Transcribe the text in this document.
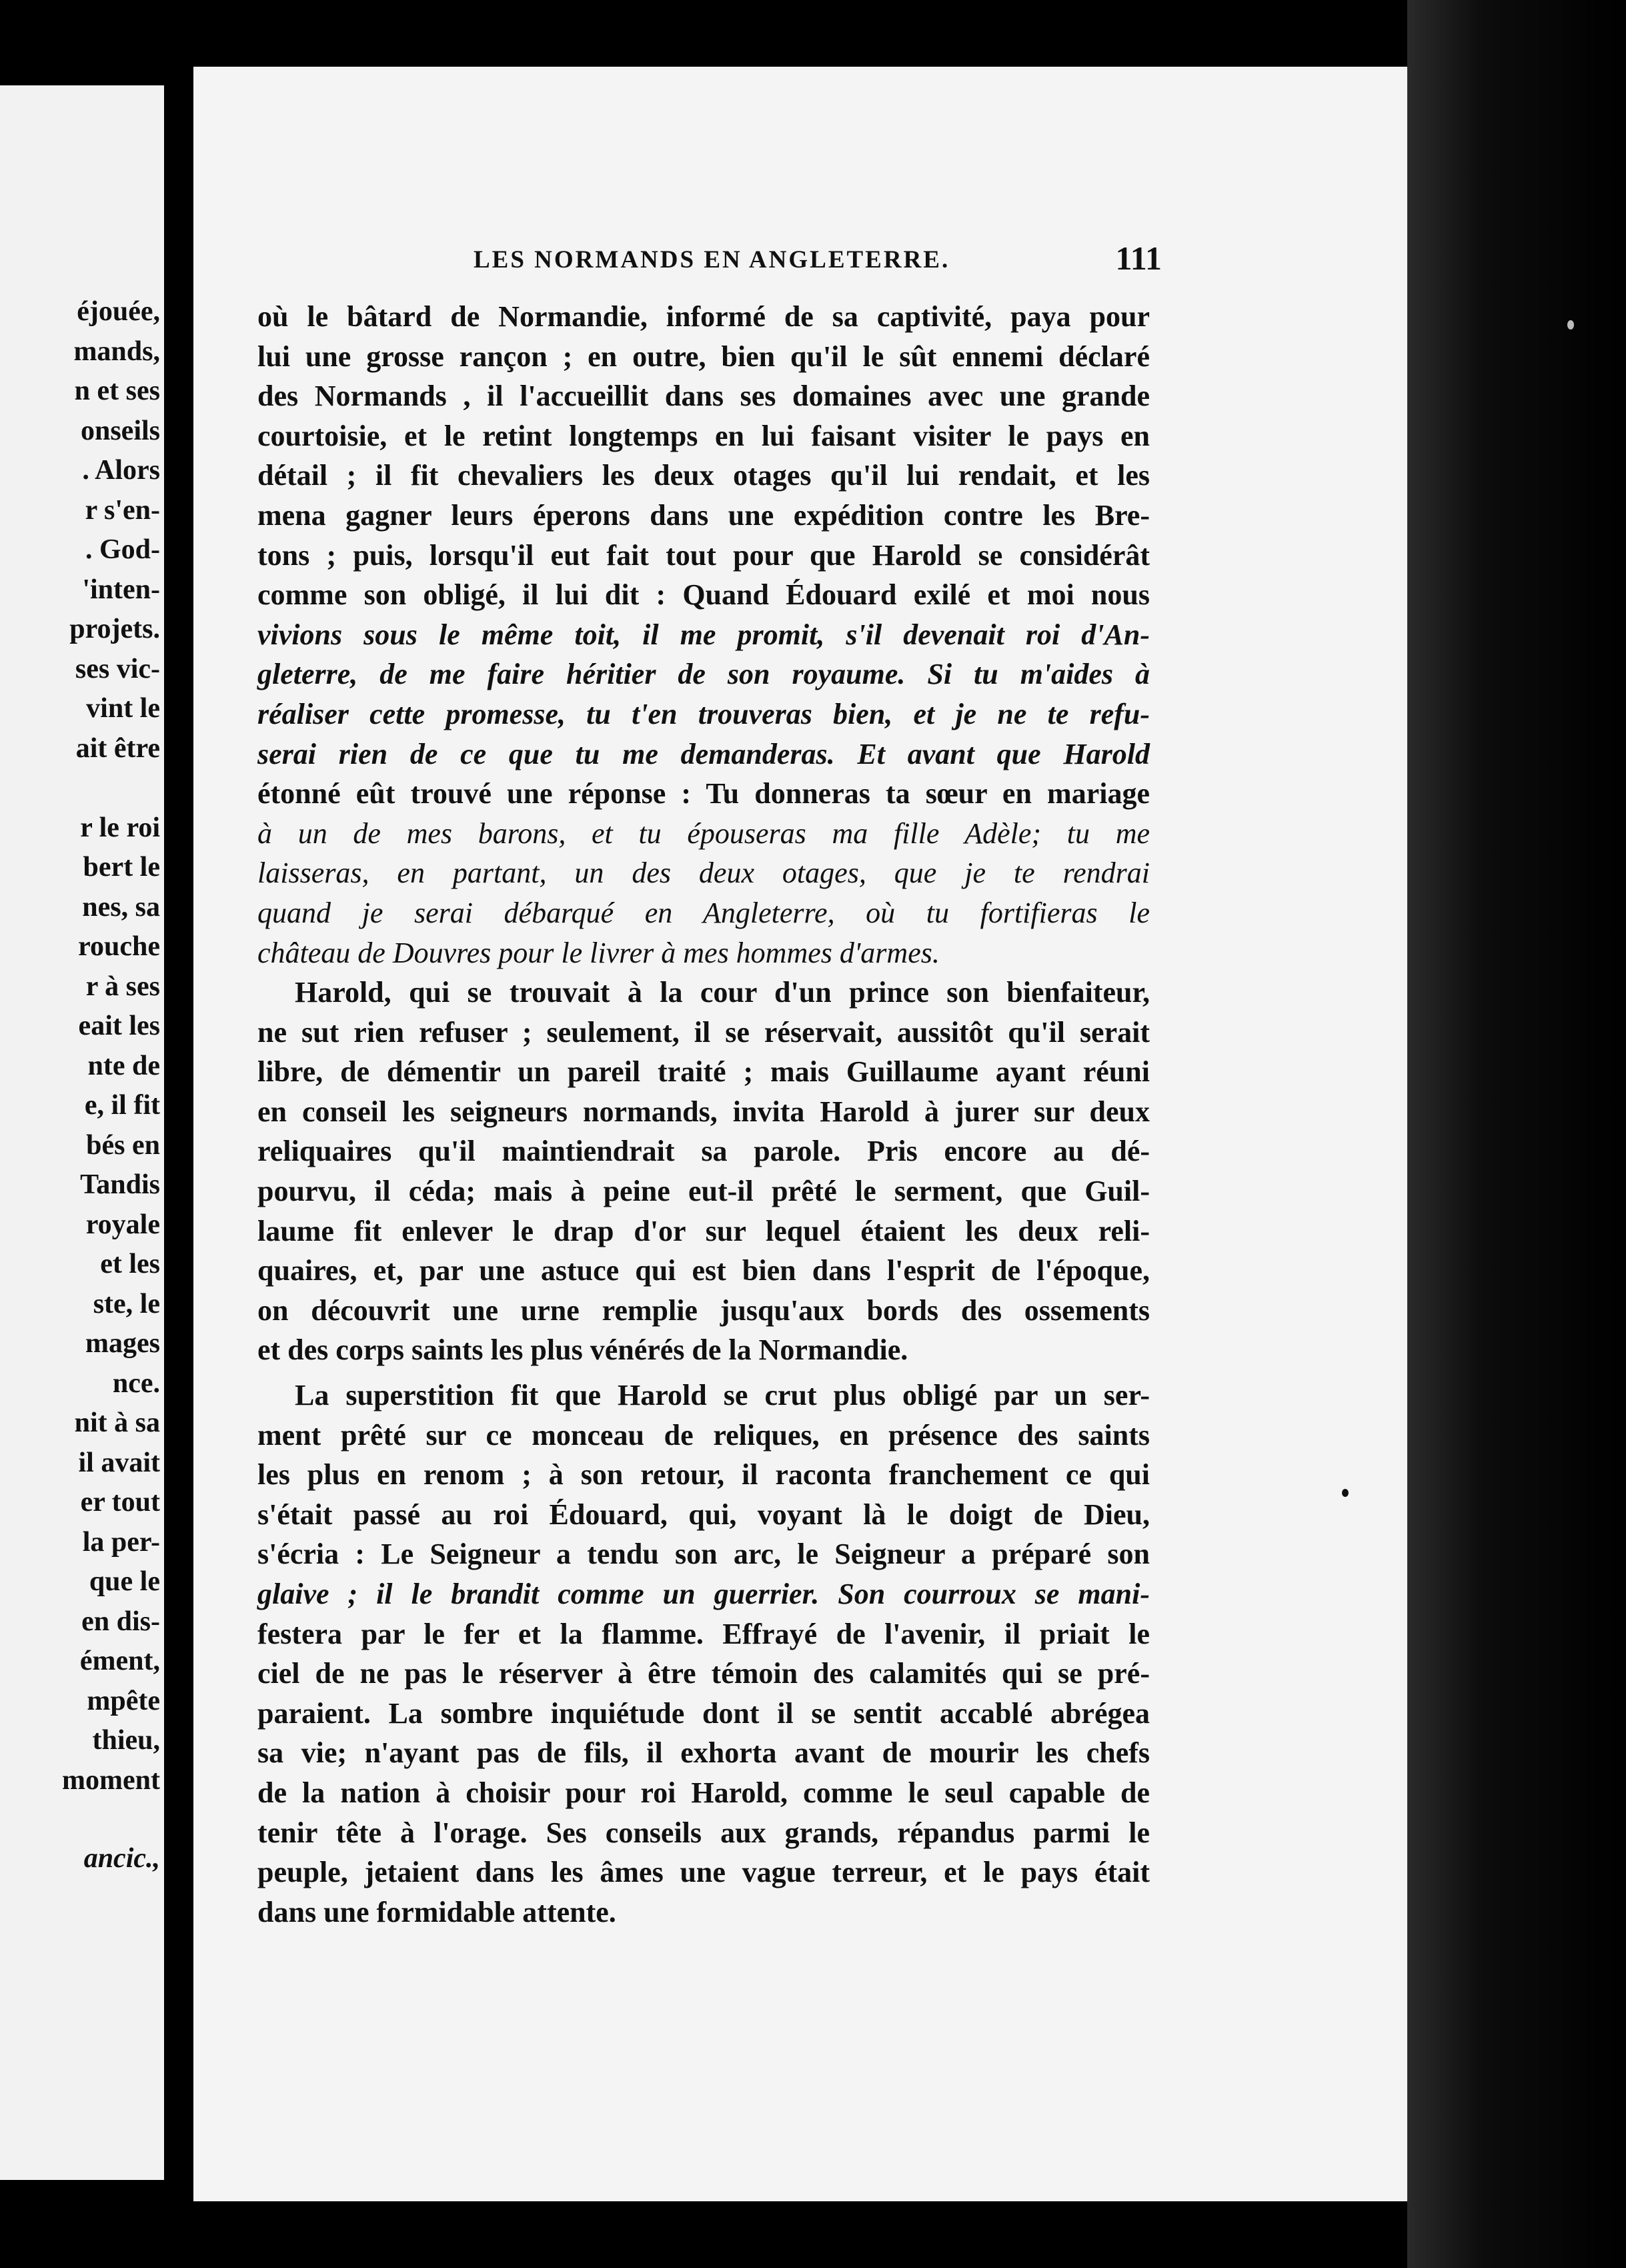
éjouée,
mands,
n et ses
onseils
. Alors
r s'en-
. God-
'inten-
projets.
ses vic-
vint le
ait être
r le roi
bert le
nes, sa
rouche
r à ses
eait les
nte de
e, il fit
bés en
Tandis
royale
et les
ste, le
mages
nce.
nit à sa
il avait
er tout
la per-
que le
en dis-
ément,
mpête
thieu,
moment
ancic.,
LES NORMANDS EN ANGLETERRE.	111
où le bâtard de Normandie, informé de sa captivité, paya pour
lui une grosse rançon ; en outre, bien qu'il le sût ennemi déclaré
des Normands , il l'accueillit dans ses domaines avec une grande
courtoisie, et le retint longtemps en lui faisant visiter le pays en
détail ; il fit chevaliers les deux otages qu'il lui rendait, et les
mena gagner leurs éperons dans une expédition contre les Bre-
tons ; puis, lorsqu'il eut fait tout pour que Harold se considérât
comme son obligé, il lui dit : Quand Édouard exilé et moi nous
vivions sous le même toit, il me promit, s'il devenait roi d'An-
gleterre, de me faire héritier de son royaume. Si tu m'aides à
réaliser cette promesse, tu t'en trouveras bien, et je ne te refu-
serai rien de ce que tu me demanderas. Et avant que Harold
étonné eût trouvé une réponse : Tu donneras ta sœur en mariage
à un de mes barons, et tu épouseras ma fille Adèle; tu me
laisseras, en partant, un des deux otages, que je te rendrai
quand je serai débarqué en Angleterre, où tu fortifieras le
château de Douvres pour le livrer à mes hommes d'armes.
Harold, qui se trouvait à la cour d'un prince son bienfaiteur,
ne sut rien refuser ; seulement, il se réservait, aussitôt qu'il serait
libre, de démentir un pareil traité ; mais Guillaume ayant réuni
en conseil les seigneurs normands, invita Harold à jurer sur deux
reliquaires qu'il maintiendrait sa parole. Pris encore au dé-
pourvu, il céda; mais à peine eut-il prêté le serment, que Guil-
laume fit enlever le drap d'or sur lequel étaient les deux reli-
quaires, et, par une astuce qui est bien dans l'esprit de l'époque,
on découvrit une urne remplie jusqu'aux bords des ossements
et des corps saints les plus vénérés de la Normandie.
La superstition fit que Harold se crut plus obligé par un ser-
ment prêté sur ce monceau de reliques, en présence des saints
les plus en renom ; à son retour, il raconta franchement ce qui
s'était passé au roi Édouard, qui, voyant là le doigt de Dieu,
s'écria : Le Seigneur a tendu son arc, le Seigneur a préparé son
glaive ; il le brandit comme un guerrier. Son courroux se mani-
festera par le fer et la flamme. Effrayé de l'avenir, il priait le
ciel de ne pas le réserver à être témoin des calamités qui se pré-
paraient. La sombre inquiétude dont il se sentit accablé abrégea
sa vie; n'ayant pas de fils, il exhorta avant de mourir les chefs
de la nation à choisir pour roi Harold, comme le seul capable de
tenir tête à l'orage. Ses conseils aux grands, répandus parmi le
peuple, jetaient dans les âmes une vague terreur, et le pays était
dans une formidable attente.
